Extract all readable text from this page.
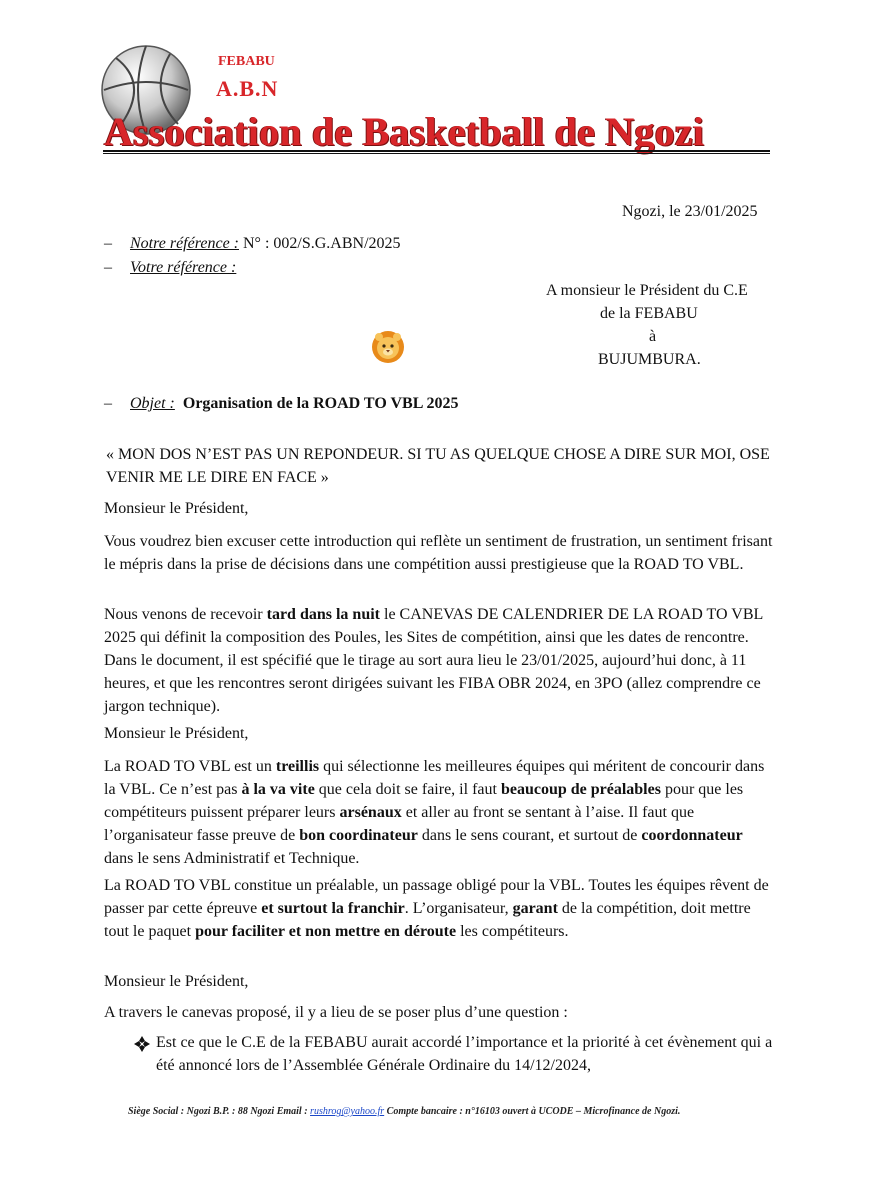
FEBABU
A.B.N
Association de Basketball de Ngozi
Ngozi, le 23/01/2025
– Notre référence : N° : 002/S.G.ABN/2025
– Votre référence :
A monsieur le Président du C.E
de la FEBABU
à
BUJUMBURA.
– Objet : Organisation de la ROAD TO VBL 2025
« MON DOS N’EST PAS UN REPONDEUR. SI TU AS QUELQUE CHOSE A DIRE SUR MOI, OSE VENIR ME LE DIRE EN FACE »
Monsieur le Président,
Vous voudrez bien excuser cette introduction qui reflète un sentiment de frustration, un sentiment frisant le mépris dans la prise de décisions dans une compétition aussi prestigieuse que la ROAD TO VBL.
Nous venons de recevoir tard dans la nuit le CANEVAS DE CALENDRIER DE LA ROAD TO VBL 2025 qui définit la composition des Poules, les Sites de compétition, ainsi que les dates de rencontre. Dans le document, il est spécifié que le tirage au sort aura lieu le 23/01/2025, aujourd’hui donc, à 11 heures, et que les rencontres seront dirigées suivant les FIBA OBR 2024, en 3PO (allez comprendre ce jargon technique).
Monsieur le Président,
La ROAD TO VBL est un treillis qui sélectionne les meilleures équipes qui méritent de concourir dans la VBL. Ce n’est pas à la va vite que cela doit se faire, il faut beaucoup de préalables pour que les compétiteurs puissent préparer leurs arsénaux et aller au front se sentant à l’aise. Il faut que l’organisateur fasse preuve de bon coordinateur dans le sens courant, et surtout de coordonnateur dans le sens Administratif et Technique.
La ROAD TO VBL constitue un préalable, un passage obligé pour la VBL. Toutes les équipes rêvent de passer par cette épreuve et surtout la franchir. L’organisateur, garant de la compétition, doit mettre tout le paquet pour faciliter et non mettre en déroute les compétiteurs.
Monsieur le Président,
A travers le canevas proposé, il y a lieu de se poser plus d’une question :
Est ce que le C.E de la FEBABU aurait accordé l’importance et la priorité à cet évènement qui a été annoncé lors de l’Assemblée Générale Ordinaire du 14/12/2024,
Siège Social : Ngozi B.P. : 88 Ngozi Email : rushrog@yahoo.fr Compte bancaire : n°16103 ouvert à UCODE – Microfinance de Ngozi.
